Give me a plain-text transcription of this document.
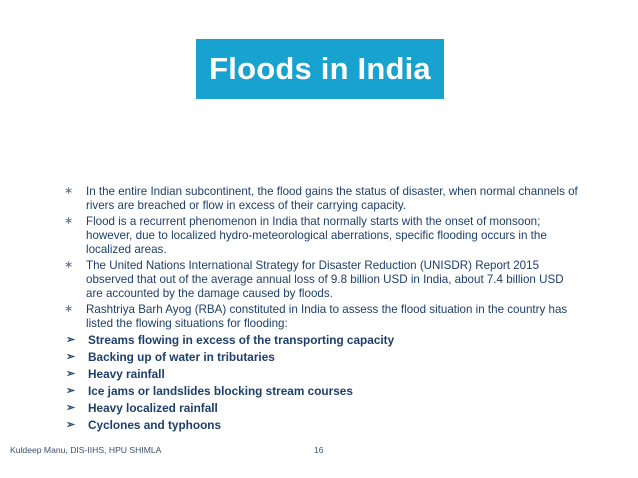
Floods in India
∗ In the entire Indian subcontinent, the flood gains the status of disaster, when normal channels of rivers are breached or flow in excess of their carrying capacity.
∗ Flood is a recurrent phenomenon in India that normally starts with the onset of monsoon; however, due to localized hydro-meteorological aberrations, specific flooding occurs in the localized areas.
∗ The United Nations International Strategy for Disaster Reduction (UNISDR) Report 2015 observed that out of the average annual loss of 9.8 billion USD in India, about 7.4 billion USD are accounted by the damage caused by floods.
∗ Rashtriya Barh Ayog (RBA) constituted in India to assess the flood situation in the country has listed the flowing situations for flooding:
➢ Streams flowing in excess of the transporting capacity
➢ Backing up of water in tributaries
➢ Heavy rainfall
➢ Ice jams or landslides blocking stream courses
➢ Heavy localized rainfall
➢ Cyclones and typhoons
Kuldeep Manu, DIS-IIHS, HPU SHIMLA	16
